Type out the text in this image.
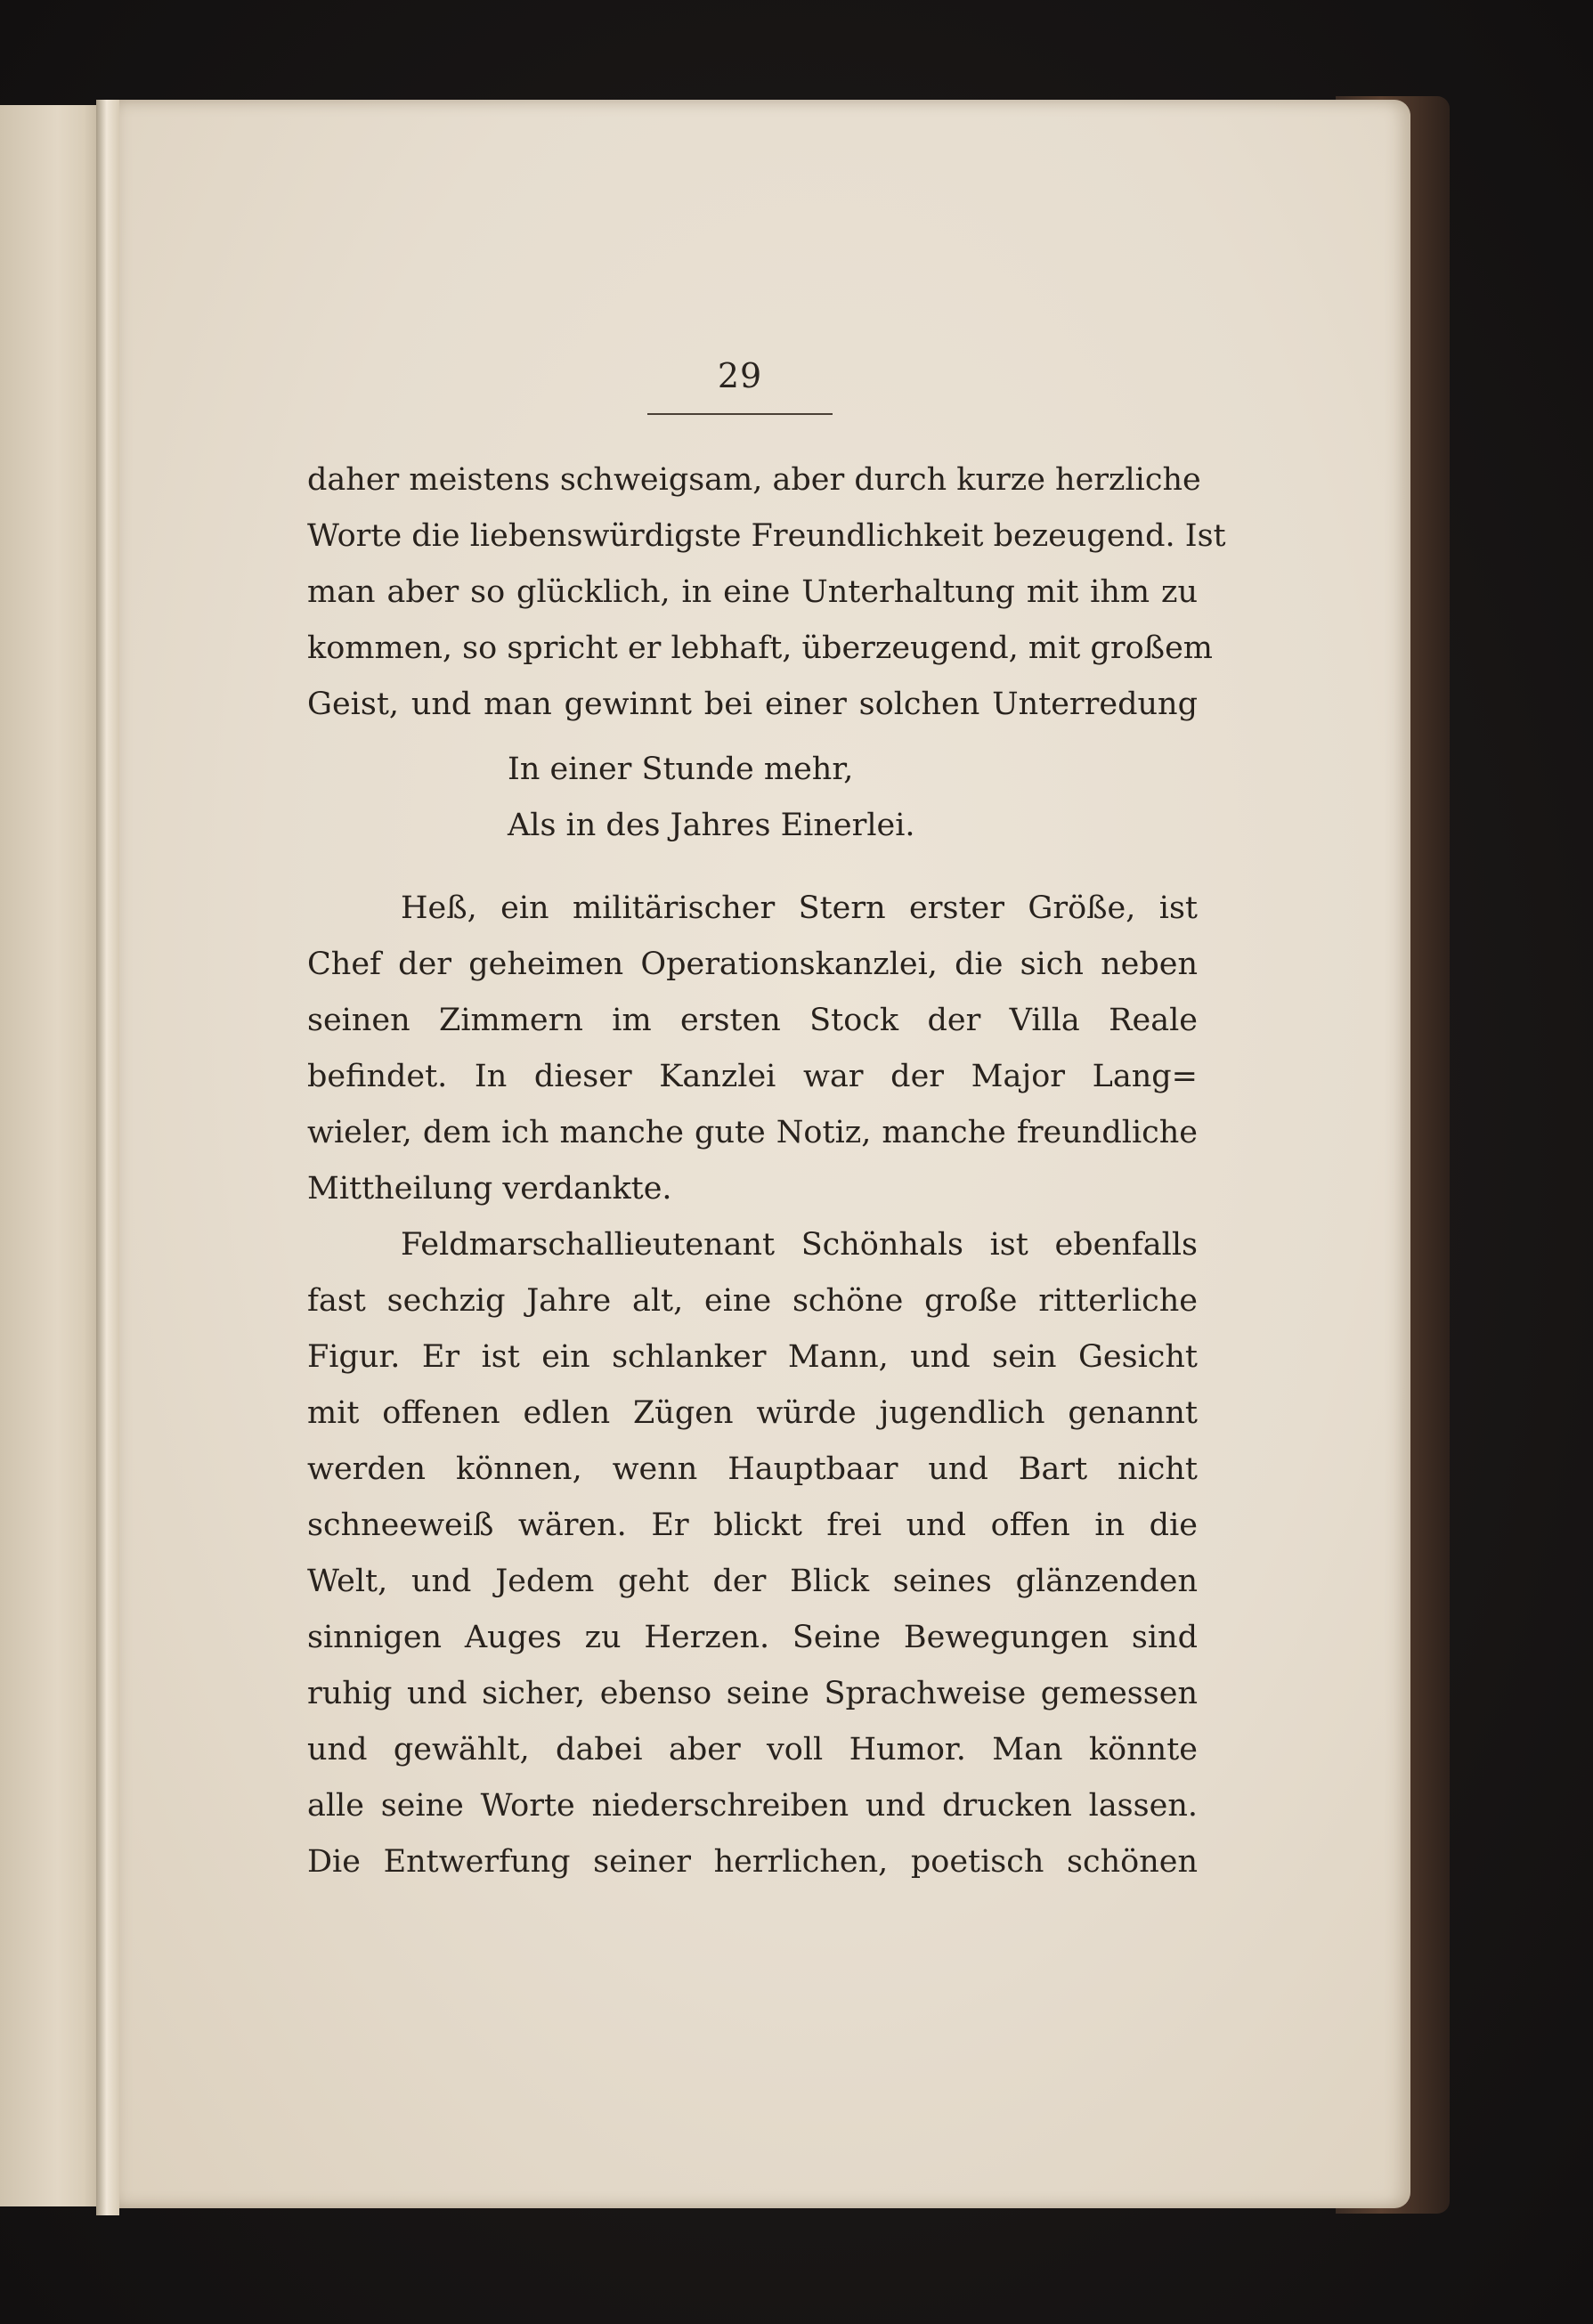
29
daher meistens schweigsam, aber durch kurze herzliche
Worte die liebenswürdigste Freundlichkeit bezeugend. Ist
man aber so glücklich, in eine Unterhaltung mit ihm zu
kommen, so spricht er lebhaft, überzeugend, mit großem
Geist, und man gewinnt bei einer solchen Unterredung
In einer Stunde mehr,
Als in des Jahres Einerlei.
Heß, ein militärischer Stern erster Größe, ist
Chef der geheimen Operationskanzlei, die sich neben
seinen Zimmern im ersten Stock der Villa Reale
befindet. In dieser Kanzlei war der Major Lang=
wieler, dem ich manche gute Notiz, manche freundliche
Mittheilung verdankte.
Feldmarschallieutenant Schönhals ist ebenfalls
fast sechzig Jahre alt, eine schöne große ritterliche
Figur. Er ist ein schlanker Mann, und sein Gesicht
mit offenen edlen Zügen würde jugendlich genannt
werden können, wenn Hauptbaar und Bart nicht
schneeweiß wären. Er blickt frei und offen in die
Welt, und Jedem geht der Blick seines glänzenden
sinnigen Auges zu Herzen. Seine Bewegungen sind
ruhig und sicher, ebenso seine Sprachweise gemessen
und gewählt, dabei aber voll Humor. Man könnte
alle seine Worte niederschreiben und drucken lassen.
Die Entwerfung seiner herrlichen, poetisch schönen
